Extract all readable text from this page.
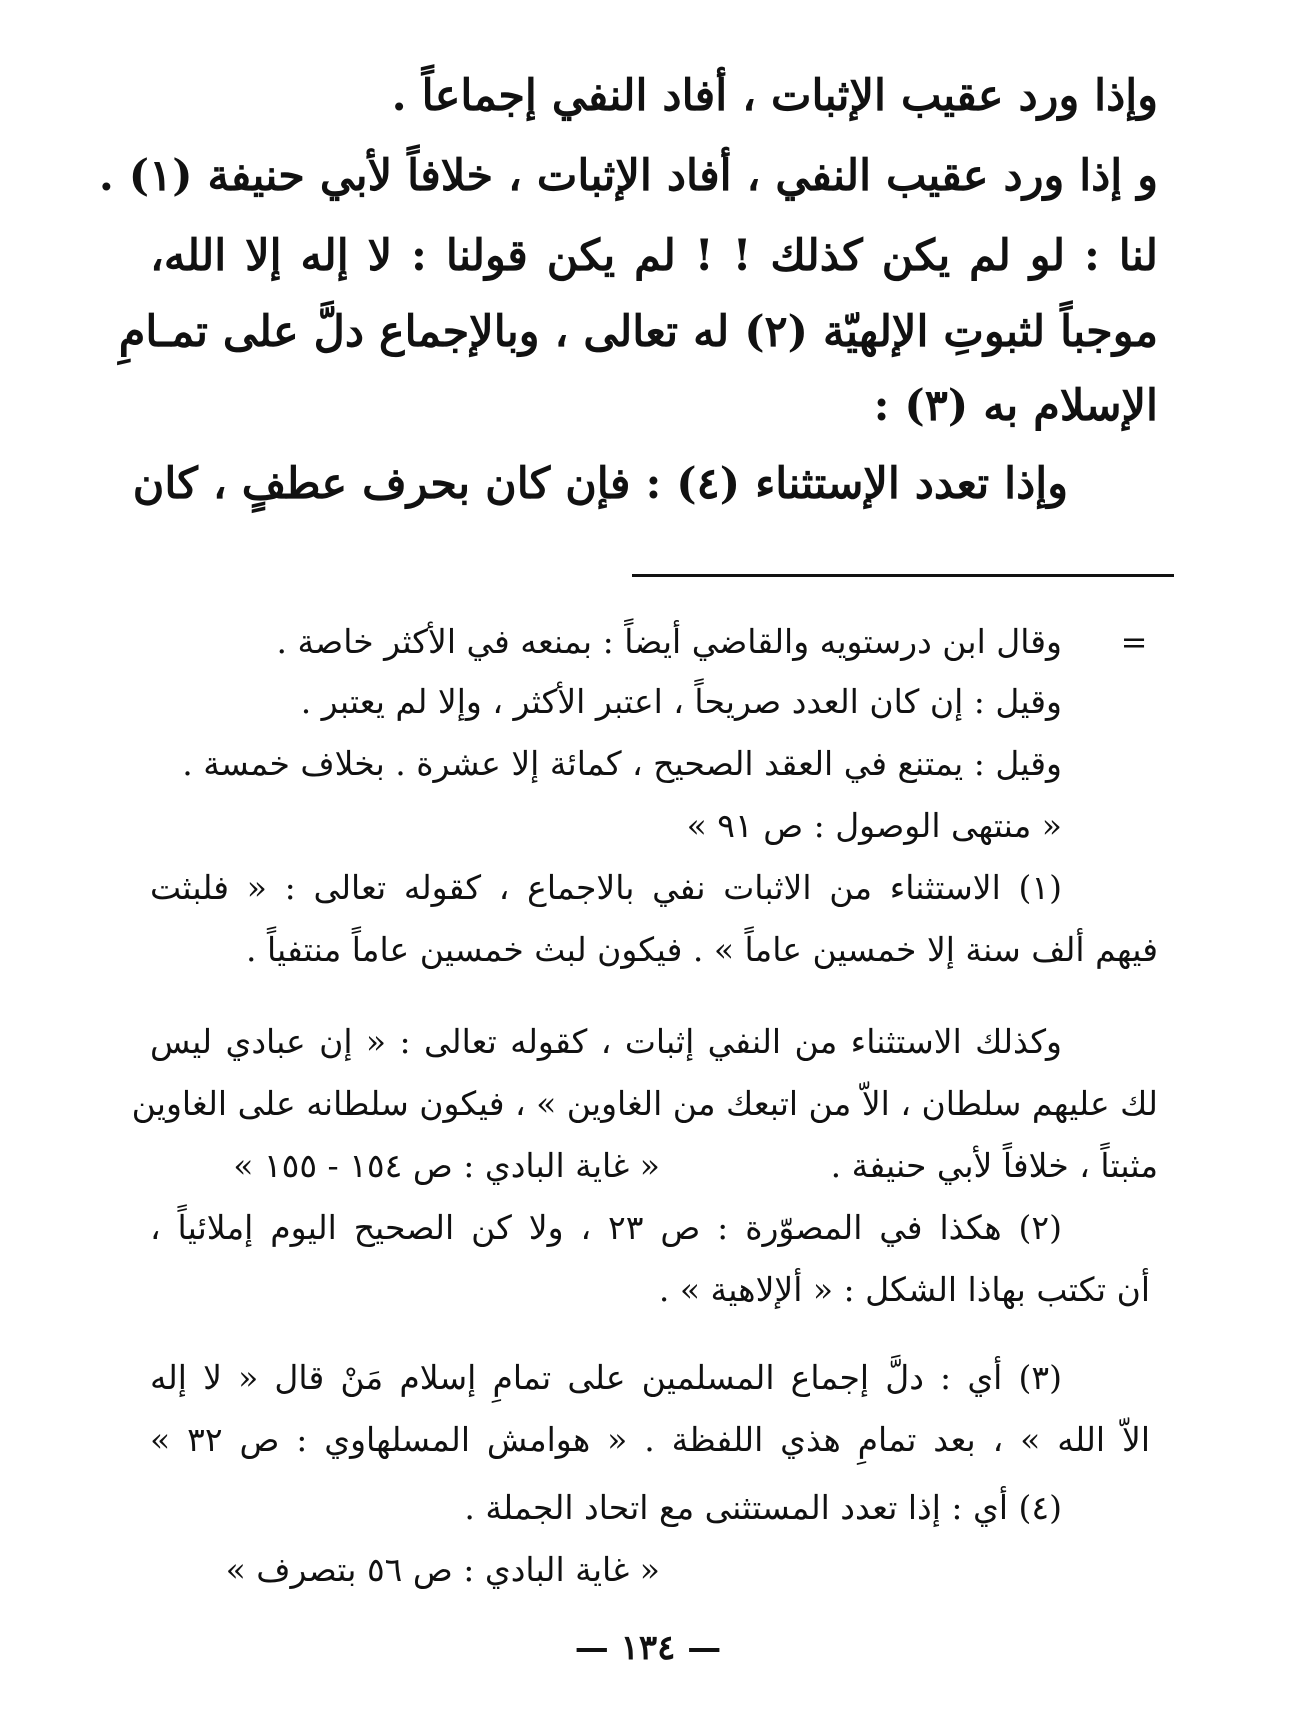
وإذا ورد عقيب الإثبات ، أفاد النفي إجماعاً .

و إذا ورد عقيب النفي ، أفاد الإثبات ، خلافاً لأبي حنيفة (١) .

لنا : لو لم يكن كذلك ! ! لم يكن قولنا : لا إله إلا الله،

موجباً لثبوتِ الإلهيّة (٢) له تعالى ، وبالإجماع دلَّ على تمـامِ

الإسلام به (٣) :

وإذا تعدد الإستثناء (٤) : فإن كان بحرف عطفٍ ، كان

=

وقال ابن درستويه والقاضي أيضاً : بمنعه في الأكثر خاصة .

وقيل : إن كان العدد صريحاً ، اعتبر الأكثر ، وإلا لم يعتبر .

وقيل : يمتنع في العقد الصحيح ، كمائة إلا عشرة . بخلاف خمسة .

« منتهى الوصول : ص ٩١ »

(١) الاستثناء من الاثبات نفي بالاجماع ، كقوله تعالى : « فلبثت

فيهم ألف سنة إلا خمسين عاماً » . فيكون لبث خمسين عاماً منتفياً .

وكذلك الاستثناء من النفي إثبات ، كقوله تعالى : « إن عبادي ليس

لك عليهم سلطان ، الاّ من اتبعك من الغاوين » ، فيكون سلطانه على الغاوين

مثبتاً ، خلافاً لأبي حنيفة .

« غاية البادي : ص ١٥٤ - ١٥٥ »

(٢) هكذا في المصوّرة : ص ٢٣ ، ولا كن الصحيح اليوم إملائياً ،

أن تكتب بهاذا الشكل : « ألإلاهية » .

(٣) أي : دلَّ إجماع المسلمين على تمامِ إسلام مَنْ قال « لا إله

الاّ الله » ، بعد تمامِ هذي اللفظة . « هوامش المسلهاوي : ص ٣٢ »

(٤) أي : إذا تعدد المستثنى مع اتحاد الجملة .

« غاية البادي : ص ٥٦ بتصرف »

— ١٣٤ —
